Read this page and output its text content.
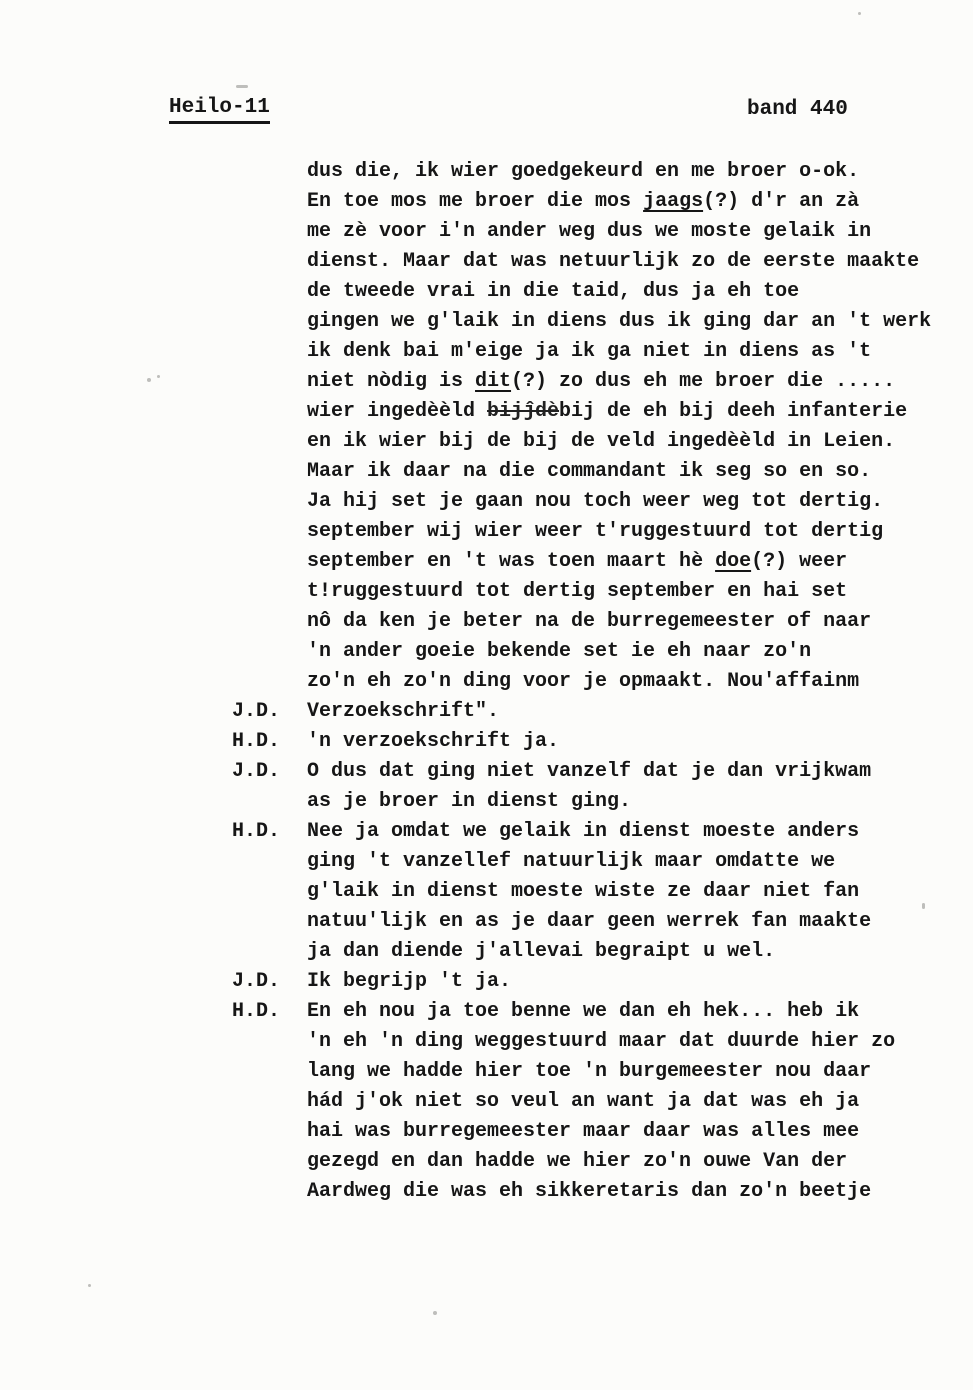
Heilo-11	band 440
dus die, ik wier goedgekeurd en me broer o-ok.
En toe mos me broer die mos jaags(?) d'r an zà
me zè voor i'n ander weg dus we moste gelaik in
dienst. Maar dat was netuurlijk zo de eerste maakte
de tweede vrai in die taid, dus ja eh toe
gingen we g'laik in diens dus ik ging dar an 't werk
ik denk bai m'eige ja ik ga niet in diens as 't
niet nòdig is dit(?) zo dus eh me broer die .....
wier ingedèèld bijĵdèbij de eh bij deeh infanterie
en ik wier bij de bij de veld ingedèèld in Leien.
Maar ik daar na die commandant ik seg so en so.
Ja hij set je gaan nou toch weer weg tot dertig.
september wij wier weer t'ruggestuurd tot dertig
september en 't was toen maart hè doe(?) weer
t!ruggestuurd tot dertig september en hai set
nô da ken je beter na de burregemeester of naar
'n ander goeie bekende set ie eh naar zo'n
zo'n eh zo'n ding voor je opmaakt. Nou'affainm
J.D.	Verzoekschrift".
H.D.	'n verzoekschrift ja.
J.D.	O dus dat ging niet vanzelf dat je dan vrijkwam
as je broer in dienst ging.
H.D.	Nee ja omdat we gelaik in dienst moeste anders
ging 't vanzellef natuurlijk maar omdatte we
g'laik in dienst moeste wiste ze daar niet fan
natuu'lijk en as je daar geen werrek fan maakte
ja dan diende j'allevai begraipt u wel.
J.D.	Ik begrijp 't ja.
H.D.	En eh nou ja toe benne we dan eh hek... heb ik
'n eh 'n ding weggestuurd maar dat duurde hier zo
lang we hadde hier toe 'n burgemeester nou daar
hád j'ok niet so veul an want ja dat was eh ja
hai was burregemeester maar daar was alles mee
gezegd en dan hadde we hier zo'n ouwe Van der
Aardweg die was eh sikkeretaris dan zo'n beetje
